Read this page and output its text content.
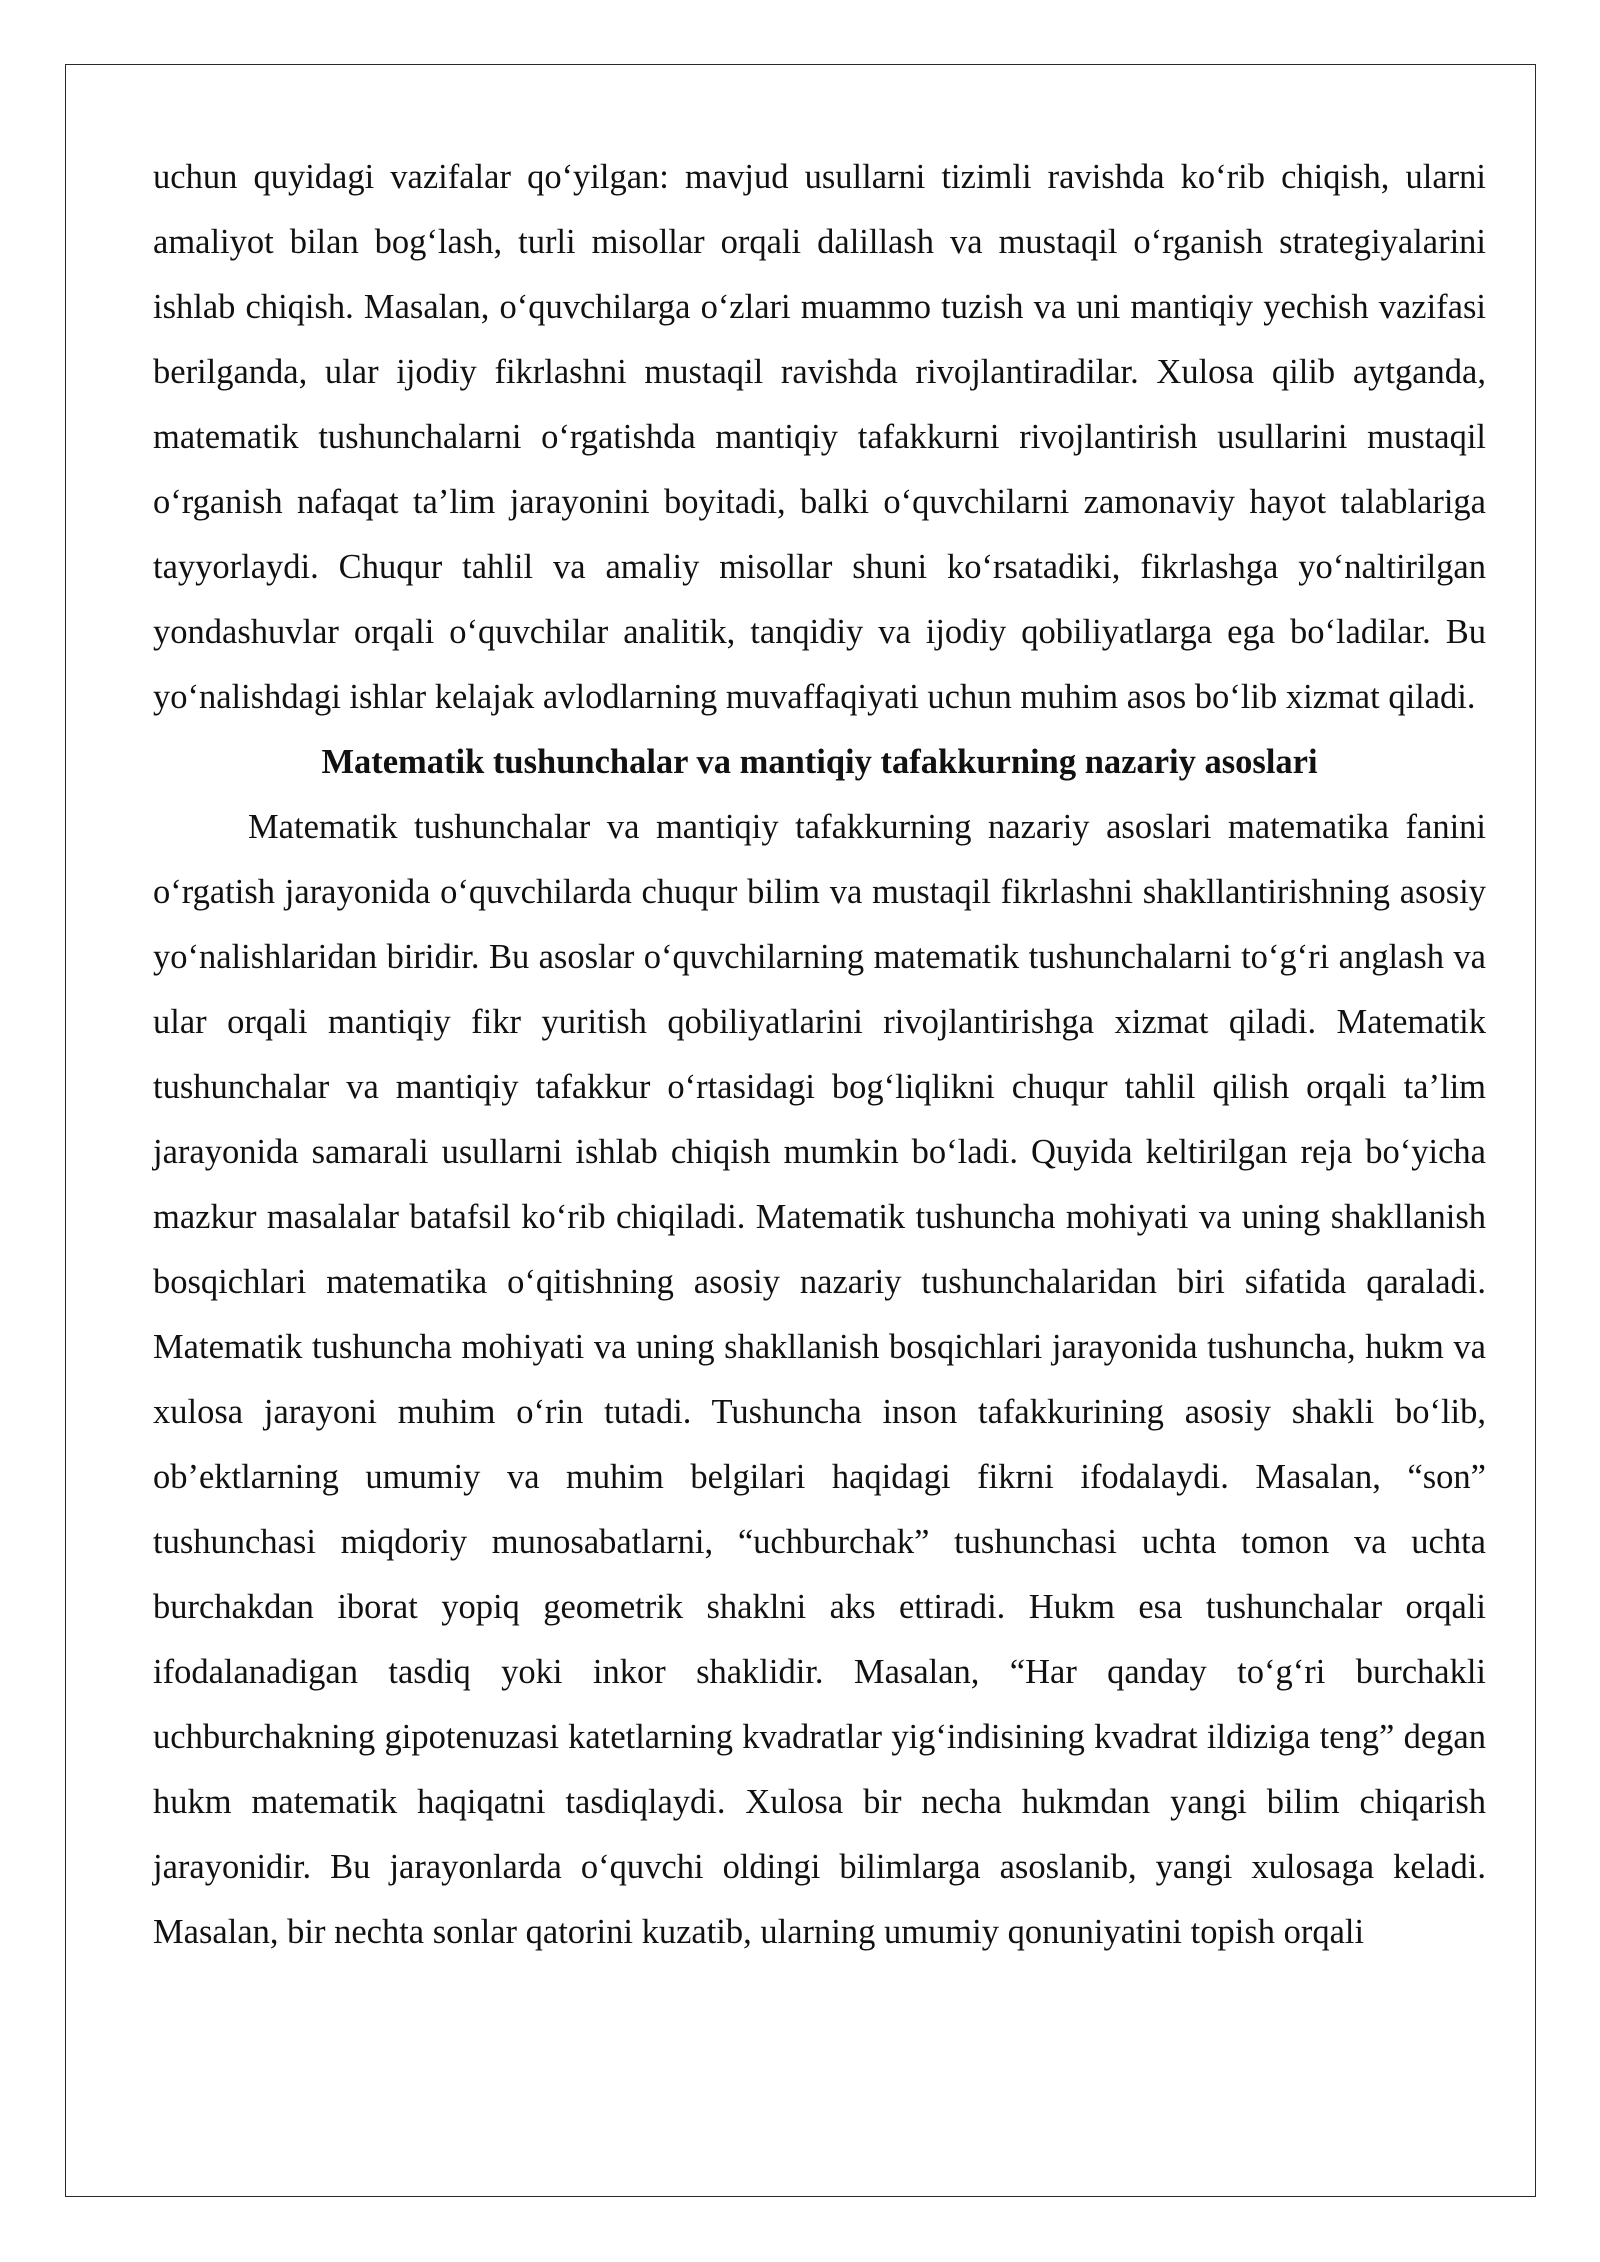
uchun quyidagi vazifalar qo‘yilgan: mavjud usullarni tizimli ravishda ko‘rib chiqish, ularni amaliyot bilan bog‘lash, turli misollar orqali dalillash va mustaqil o‘rganish strategiyalarini ishlab chiqish. Masalan, o‘quvchilarga o‘zlari muammo tuzish va uni mantiqiy yechish vazifasi berilganda, ular ijodiy fikrlashni mustaqil ravishda rivojlantiradilar. Xulosa qilib aytganda, matematik tushunchalarni o‘rgatishda mantiqiy tafakkurni rivojlantirish usullarini mustaqil o‘rganish nafaqat ta’lim jarayonini boyitadi, balki o‘quvchilarni zamonaviy hayot talablariga tayyorlaydi. Chuqur tahlil va amaliy misollar shuni ko‘rsatadiki, fikrlashga yo‘naltirilgan yondashuvlar orqali o‘quvchilar analitik, tanqidiy va ijodiy qobiliyatlarga ega bo‘ladilar. Bu yo‘nalishdagi ishlar kelajak avlodlarning muvaffaqiyati uchun muhim asos bo‘lib xizmat qiladi.

Matematik tushunchalar va mantiqiy tafakkurning nazariy asoslari

Matematik tushunchalar va mantiqiy tafakkurning nazariy asoslari matematika fanini o‘rgatish jarayonida o‘quvchilarda chuqur bilim va mustaqil fikrlashni shakllantirishning asosiy yo‘nalishlaridan biridir. Bu asoslar o‘quvchilarning matematik tushunchalarni to‘g‘ri anglash va ular orqali mantiqiy fikr yuritish qobiliyatlarini rivojlantirishga xizmat qiladi. Matematik tushunchalar va mantiqiy tafakkur o‘rtasidagi bog‘liqlikni chuqur tahlil qilish orqali ta’lim jarayonida samarali usullarni ishlab chiqish mumkin bo‘ladi. Quyida keltirilgan reja bo‘yicha mazkur masalalar batafsil ko‘rib chiqiladi. Matematik tushuncha mohiyati va uning shakllanish bosqichlari matematika o‘qitishning asosiy nazariy tushunchalaridan biri sifatida qaraladi. Matematik tushuncha mohiyati va uning shakllanish bosqichlari jarayonida tushuncha, hukm va xulosa jarayoni muhim o‘rin tutadi. Tushuncha inson tafakkurining asosiy shakli bo‘lib, ob’ektlarning umumiy va muhim belgilari haqidagi fikrni ifodalaydi. Masalan, “son” tushunchasi miqdoriy munosabatlarni, “uchburchak” tushunchasi uchta tomon va uchta burchakdan iborat yopiq geometrik shaklni aks ettiradi. Hukm esa tushunchalar orqali ifodalanadigan tasdiq yoki inkor shaklidir. Masalan, “Har qanday to‘g‘ri burchakli uchburchakning gipotenuzasi katetlarning kvadratlar yig‘indisining kvadrat ildiziga teng” degan hukm matematik haqiqatni tasdiqlaydi. Xulosa bir necha hukmdan yangi bilim chiqarish jarayonidir. Bu jarayonlarda o‘quvchi oldingi bilimlarga asoslanib, yangi xulosaga keladi. Masalan, bir nechta sonlar qatorini kuzatib, ularning umumiy qonuniyatini topish orqali
